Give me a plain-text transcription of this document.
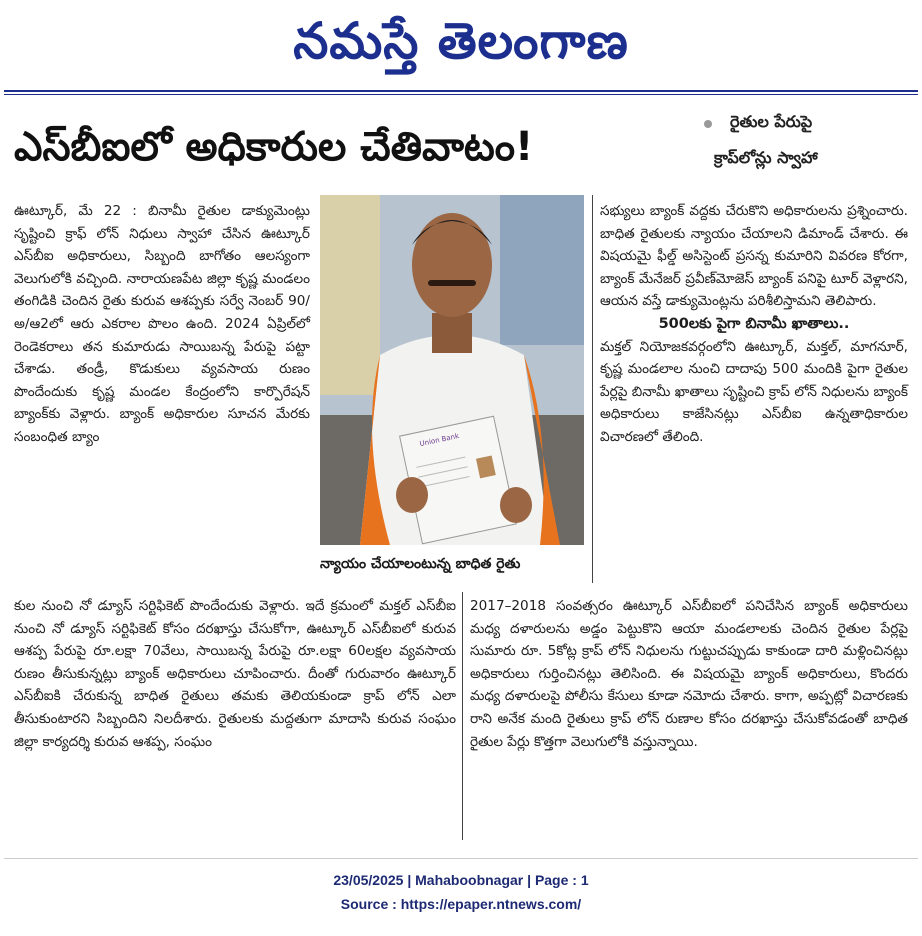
నమస్తే తెలంగాణ
ఎస్‌బీఐలో అధికారుల చేతివాటం!
రైతుల పేరుపై
క్రాప్‌లోన్లు స్వాహా

ఊట్కూర్, మే 22 : బినామీ రైతుల డాక్యుమెంట్లు సృష్టించి క్రాఫ్ లోన్ నిధులు స్వాహా చేసిన ఊట్కూర్ ఎస్‌బీఐ అధికారులు, సిబ్బంది బాగోతం ఆలస్యంగా వెలుగులోకి వచ్చింది. నారాయణపేట జిల్లా కృష్ణ మండలం తంగిడికి చెందిన రైతు కురువ ఆశప్పకు సర్వే నెంబర్ 90/అ/ఆ2లో ఆరు ఎకరాల పొలం ఉంది. 2024 ఏప్రిల్‌లో రెండెకరాలు తన కుమారుడు సాయిబన్న పేరుపై పట్టా చేశాడు. తండ్రీ, కొడుకులు వ్యవసాయ రుణం పొందేందుకు కృష్ణ మండల కేంద్రంలోని కార్పొరేషన్ బ్యాంక్‌కు వెళ్లారు. బ్యాంక్ అధికారుల సూచన మేరకు సంబంధిత బ్యాం	Union Bank
న్యాయం చేయాలంటున్న బాధిత రైతు

కుల నుంచి నో డ్యూస్ సర్టిఫికెట్ పొందేందుకు వెళ్లారు. ఇదే క్రమంలో మక్తల్ ఎస్‌బీఐ నుంచి నో డ్యూస్ సర్టిఫికెట్ కోసం దరఖాస్తు చేసుకోగా, ఊట్కూర్ ఎస్‌బీఐలో కురువ ఆశప్ప పేరుపై రూ.లక్షా 70వేలు, సాయిబన్న పేరుపై రూ.లక్షా 60లక్షల వ్యవసాయ రుణం తీసుకున్నట్లు బ్యాంక్ అధికారులు చూపించారు. దీంతో గురువారం ఊట్కూర్ ఎస్‌బీఐకి చేరుకున్న బాధిత రైతులు తమకు తెలియకుండా క్రాప్ లోన్ ఎలా తీసుకుంటారని సిబ్బందిని నిలదీశారు. రైతులకు మద్దతుగా మాదాసి కురువ సంఘం జిల్లా కార్యదర్శి కురువ ఆశప్ప, సంఘం

సభ్యులు బ్యాంక్ వద్దకు చేరుకొని అధికారులను ప్రశ్నించారు. బాధిత రైతులకు న్యాయం చేయాలని డిమాండ్ చేశారు. ఈ విషయమై ఫీల్డ్ అసిస్టెంట్ ప్రసన్న కుమారిని వివరణ కోరగా, బ్యాంక్ మేనేజర్ ప్రవీణ్‌మోజెస్ బ్యాంక్ పనిపై టూర్ వెళ్లారని, ఆయన వస్తే డాక్యుమెంట్లను పరిశీలిస్తామని తెలిపారు.

500లకు పైగా బినామీ ఖాతాలు..

మక్తల్ నియోజకవర్గంలోని ఊట్కూర్, మక్తల్, మాగనూర్, కృష్ణ మండలాల నుంచి దాదాపు 500 మందికి పైగా రైతుల పేర్లపై బినామీ ఖాతాలు సృష్టించి క్రాప్ లోన్ నిధులను బ్యాంక్ అధికారులు కాజేసినట్లు ఎస్‌బీఐ ఉన్నతాధికారుల విచారణలో తేలింది.

2017–2018 సంవత్సరం ఊట్కూర్ ఎస్‌బీఐలో పనిచేసిన బ్యాంక్ అధికారులు మధ్య దళారులను అడ్డం పెట్టుకొని ఆయా మండలాలకు చెందిన రైతుల పేర్లపై సుమారు రూ. 5కోట్ల క్రాప్ లోన్ నిధులను గుట్టుచప్పుడు కాకుండా దారి మళ్లించినట్లు అధికారులు గుర్తించినట్లు తెలిసింది. ఈ విషయమై బ్యాంక్ అధికారులు, కొందరు మధ్య దళారులపై పోలీసు కేసులు కూడా నమోదు చేశారు. కాగా, అప్పట్లో విచారణకు రాని అనేక మంది రైతులు క్రాప్ లోన్ రుణాల కోసం దరఖాస్తు చేసుకోవడంతో బాధిత రైతుల పేర్లు కొత్తగా వెలుగులోకి వస్తున్నాయి.

23/05/2025 | Mahaboobnagar | Page : 1
Source : https://epaper.ntnews.com/
